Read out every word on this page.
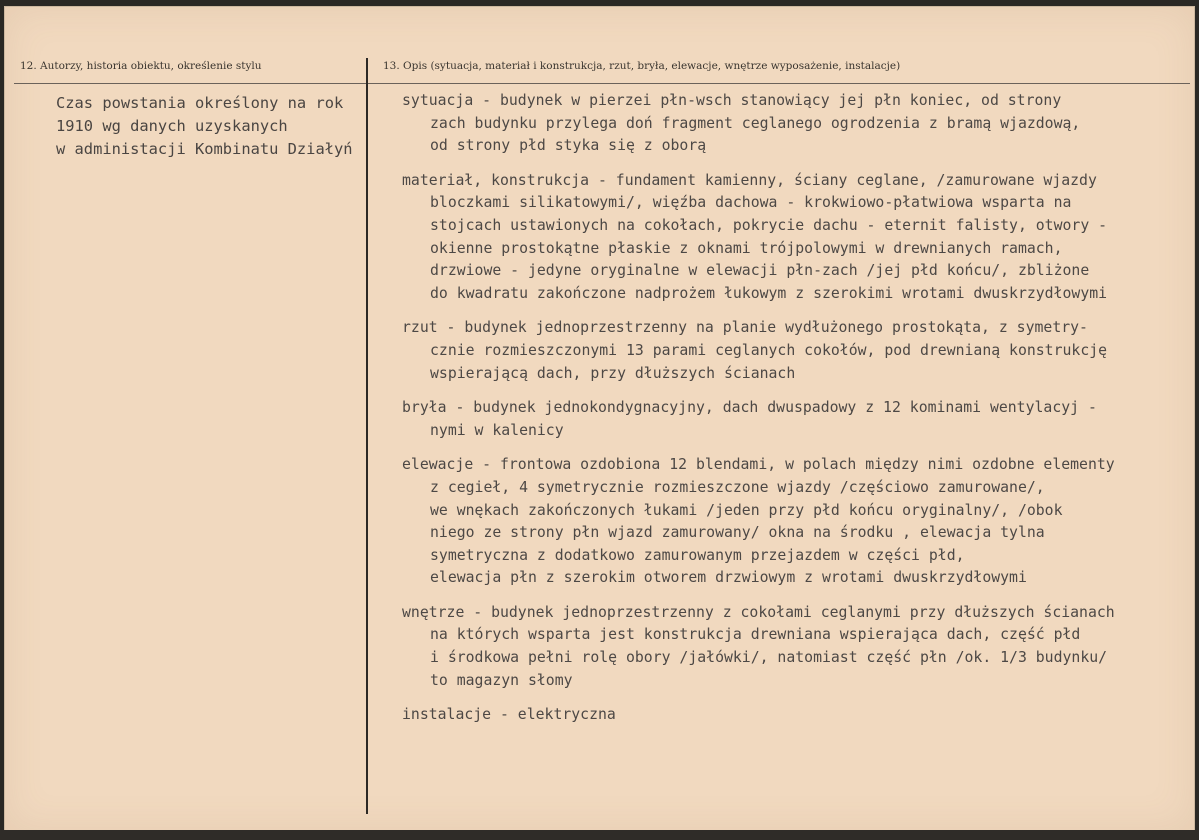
12. Autorzy, historia obiektu, określenie stylu	13. Opis (sytuacja, materiał i konstrukcja, rzut, bryła, elewacje, wnętrze wyposażenie, instalacje)
Czas powstania określony na rok
1910 wg danych uzyskanych
w administacji Kombinatu Działyń
sytuacja - budynek w pierzei płn-wsch stanowiący jej płn koniec, od strony
zach budynku przylega doń fragment ceglanego ogrodzenia z bramą wjazdową,
od strony płd styka się z oborą
materiał, konstrukcja - fundament kamienny, ściany ceglane, /zamurowane wjazdy
bloczkami silikatowymi/, więźba dachowa - krokwiowo-płatwiowa wsparta na
stojcach ustawionych na cokołach, pokrycie dachu - eternit falisty, otwory -
okienne prostokątne płaskie z oknami trójpolowymi w drewnianych ramach,
drzwiowe - jedyne oryginalne w elewacji płn-zach /jej płd końcu/, zbliżone
do kwadratu zakończone nadprożem łukowym z szerokimi wrotami dwuskrzydłowymi
rzut - budynek jednoprzestrzenny na planie wydłużonego prostokąta, z symetry-
cznie rozmieszczonymi 13 parami ceglanych cokołów, pod drewnianą konstrukcję
wspierającą dach, przy dłuższych ścianach
bryła - budynek jednokondygnacyjny, dach dwuspadowy z 12 kominami wentylacyj -
nymi w kalenicy
elewacje - frontowa ozdobiona 12 blendami, w polach między nimi ozdobne elementy
z cegieł, 4 symetrycznie rozmieszczone wjazdy /częściowo zamurowane/,
we wnękach zakończonych łukami /jeden przy płd końcu oryginalny/, /obok
niego ze strony płn wjazd zamurowany/ okna na środku , elewacja tylna
symetryczna z dodatkowo zamurowanym przejazdem w części płd,
elewacja płn z szerokim otworem drzwiowym z wrotami dwuskrzydłowymi
wnętrze - budynek jednoprzestrzenny z cokołami ceglanymi przy dłuższych ścianach
na których wsparta jest konstrukcja drewniana wspierająca dach, część płd
i środkowa pełni rolę obory /jałówki/, natomiast część płn /ok. 1/3 budynku/
to magazyn słomy
instalacje - elektryczna
